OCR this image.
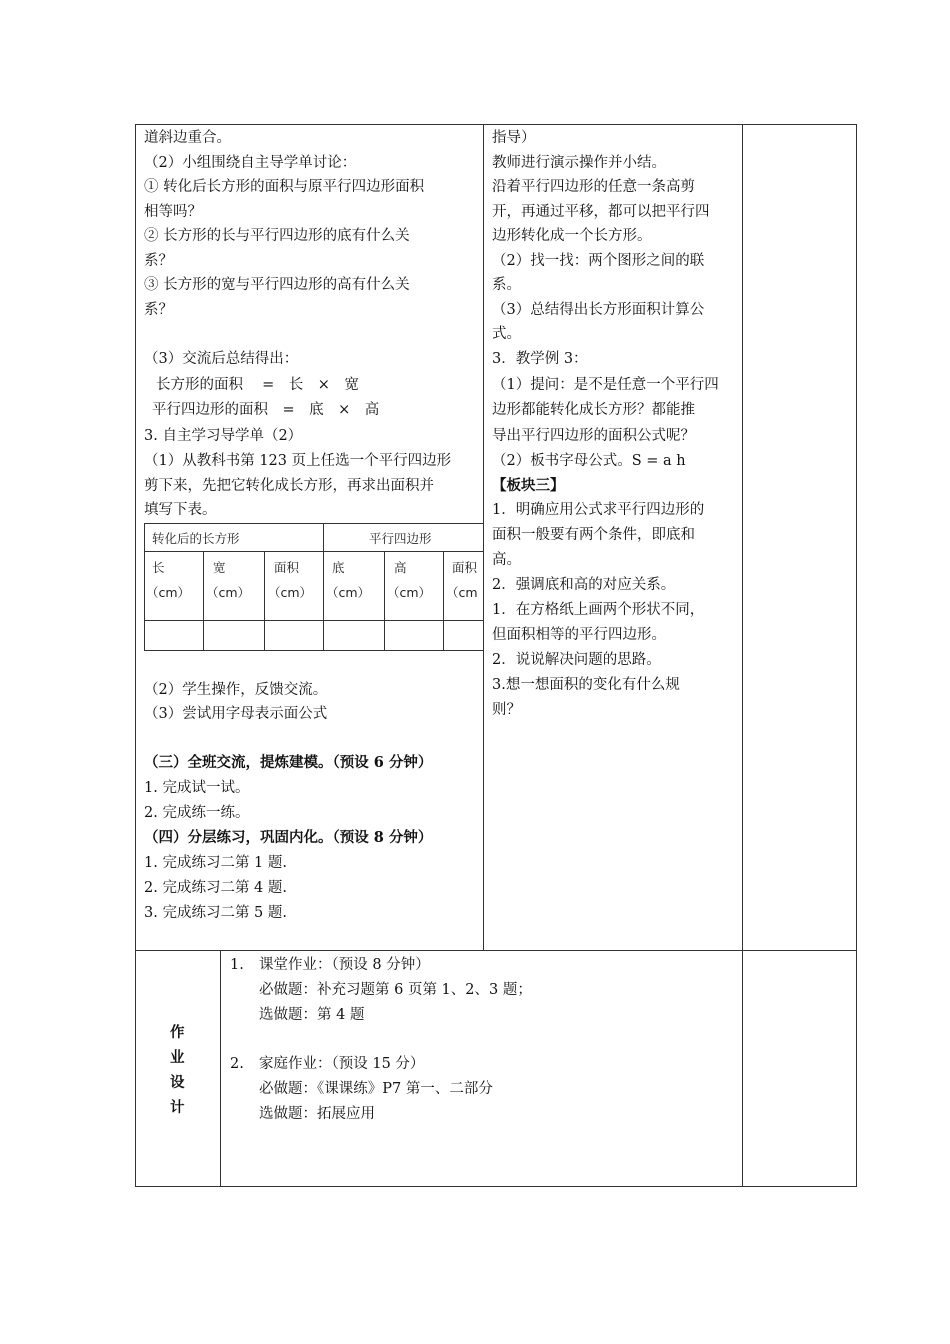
道斜边重合。
（2）小组围绕自主导学单讨论：
① 转化后长方形的面积与原平行四边形面积
相等吗？
② 长方形的长与平行四边形的底有什么关
系？
③ 长方形的宽与平行四边形的高有什么关
系？
（3）交流后总结得出：
长方形的面积　 =　长　×　宽
平行四边形的面积　=　底　×　高
3. 自主学习导学单（2）
（1）从教科书第 123 页上任选一个平行四边形
剪下来，先把它转化成长方形，再求出面积并
填写下表。
转化后的长方形	平行四边形
长
（cm）
宽
（cm）
面积
（cm）
底
（cm）
高
（cm）
面积
（cm
（2）学生操作，反馈交流。
（3）尝试用字母表示面公式
（三）全班交流，提炼建模。（预设 6 分钟）
1. 完成试一试。
2. 完成练一练。
（四）分层练习，巩固内化。（预设 8 分钟）
1. 完成练习二第 1 题.
2. 完成练习二第 4 题.
3. 完成练习二第 5 题.
指导）
教师进行演示操作并小结。
沿着平行四边形的任意一条高剪
开，再通过平移，都可以把平行四
边形转化成一个长方形。
（2）找一找：两个图形之间的联
系。
（3）总结得出长方形面积计算公
式。
3．教学例 3：
（1）提问：是不是任意一个平行四
边形都能转化成长方形？都能推
导出平行四边形的面积公式呢？
（2）板书字母公式。S = a h
【板块三】
1．明确应用公式求平行四边形的
面积一般要有两个条件，即底和
高。
2．强调底和高的对应关系。
1．在方格纸上画两个形状不同，
但面积相等的平行四边形。
2．说说解决问题的思路。
3.想一想面积的变化有什么规
则？
作
业
设
计
1. 课堂作业：（预设 8 分钟）
必做题：补充习题第 6 页第 1、2、3 题；
选做题：第 4 题
2. 家庭作业：（预设 15 分）
必做题：《课课练》P7 第一、二部分
选做题：拓展应用
